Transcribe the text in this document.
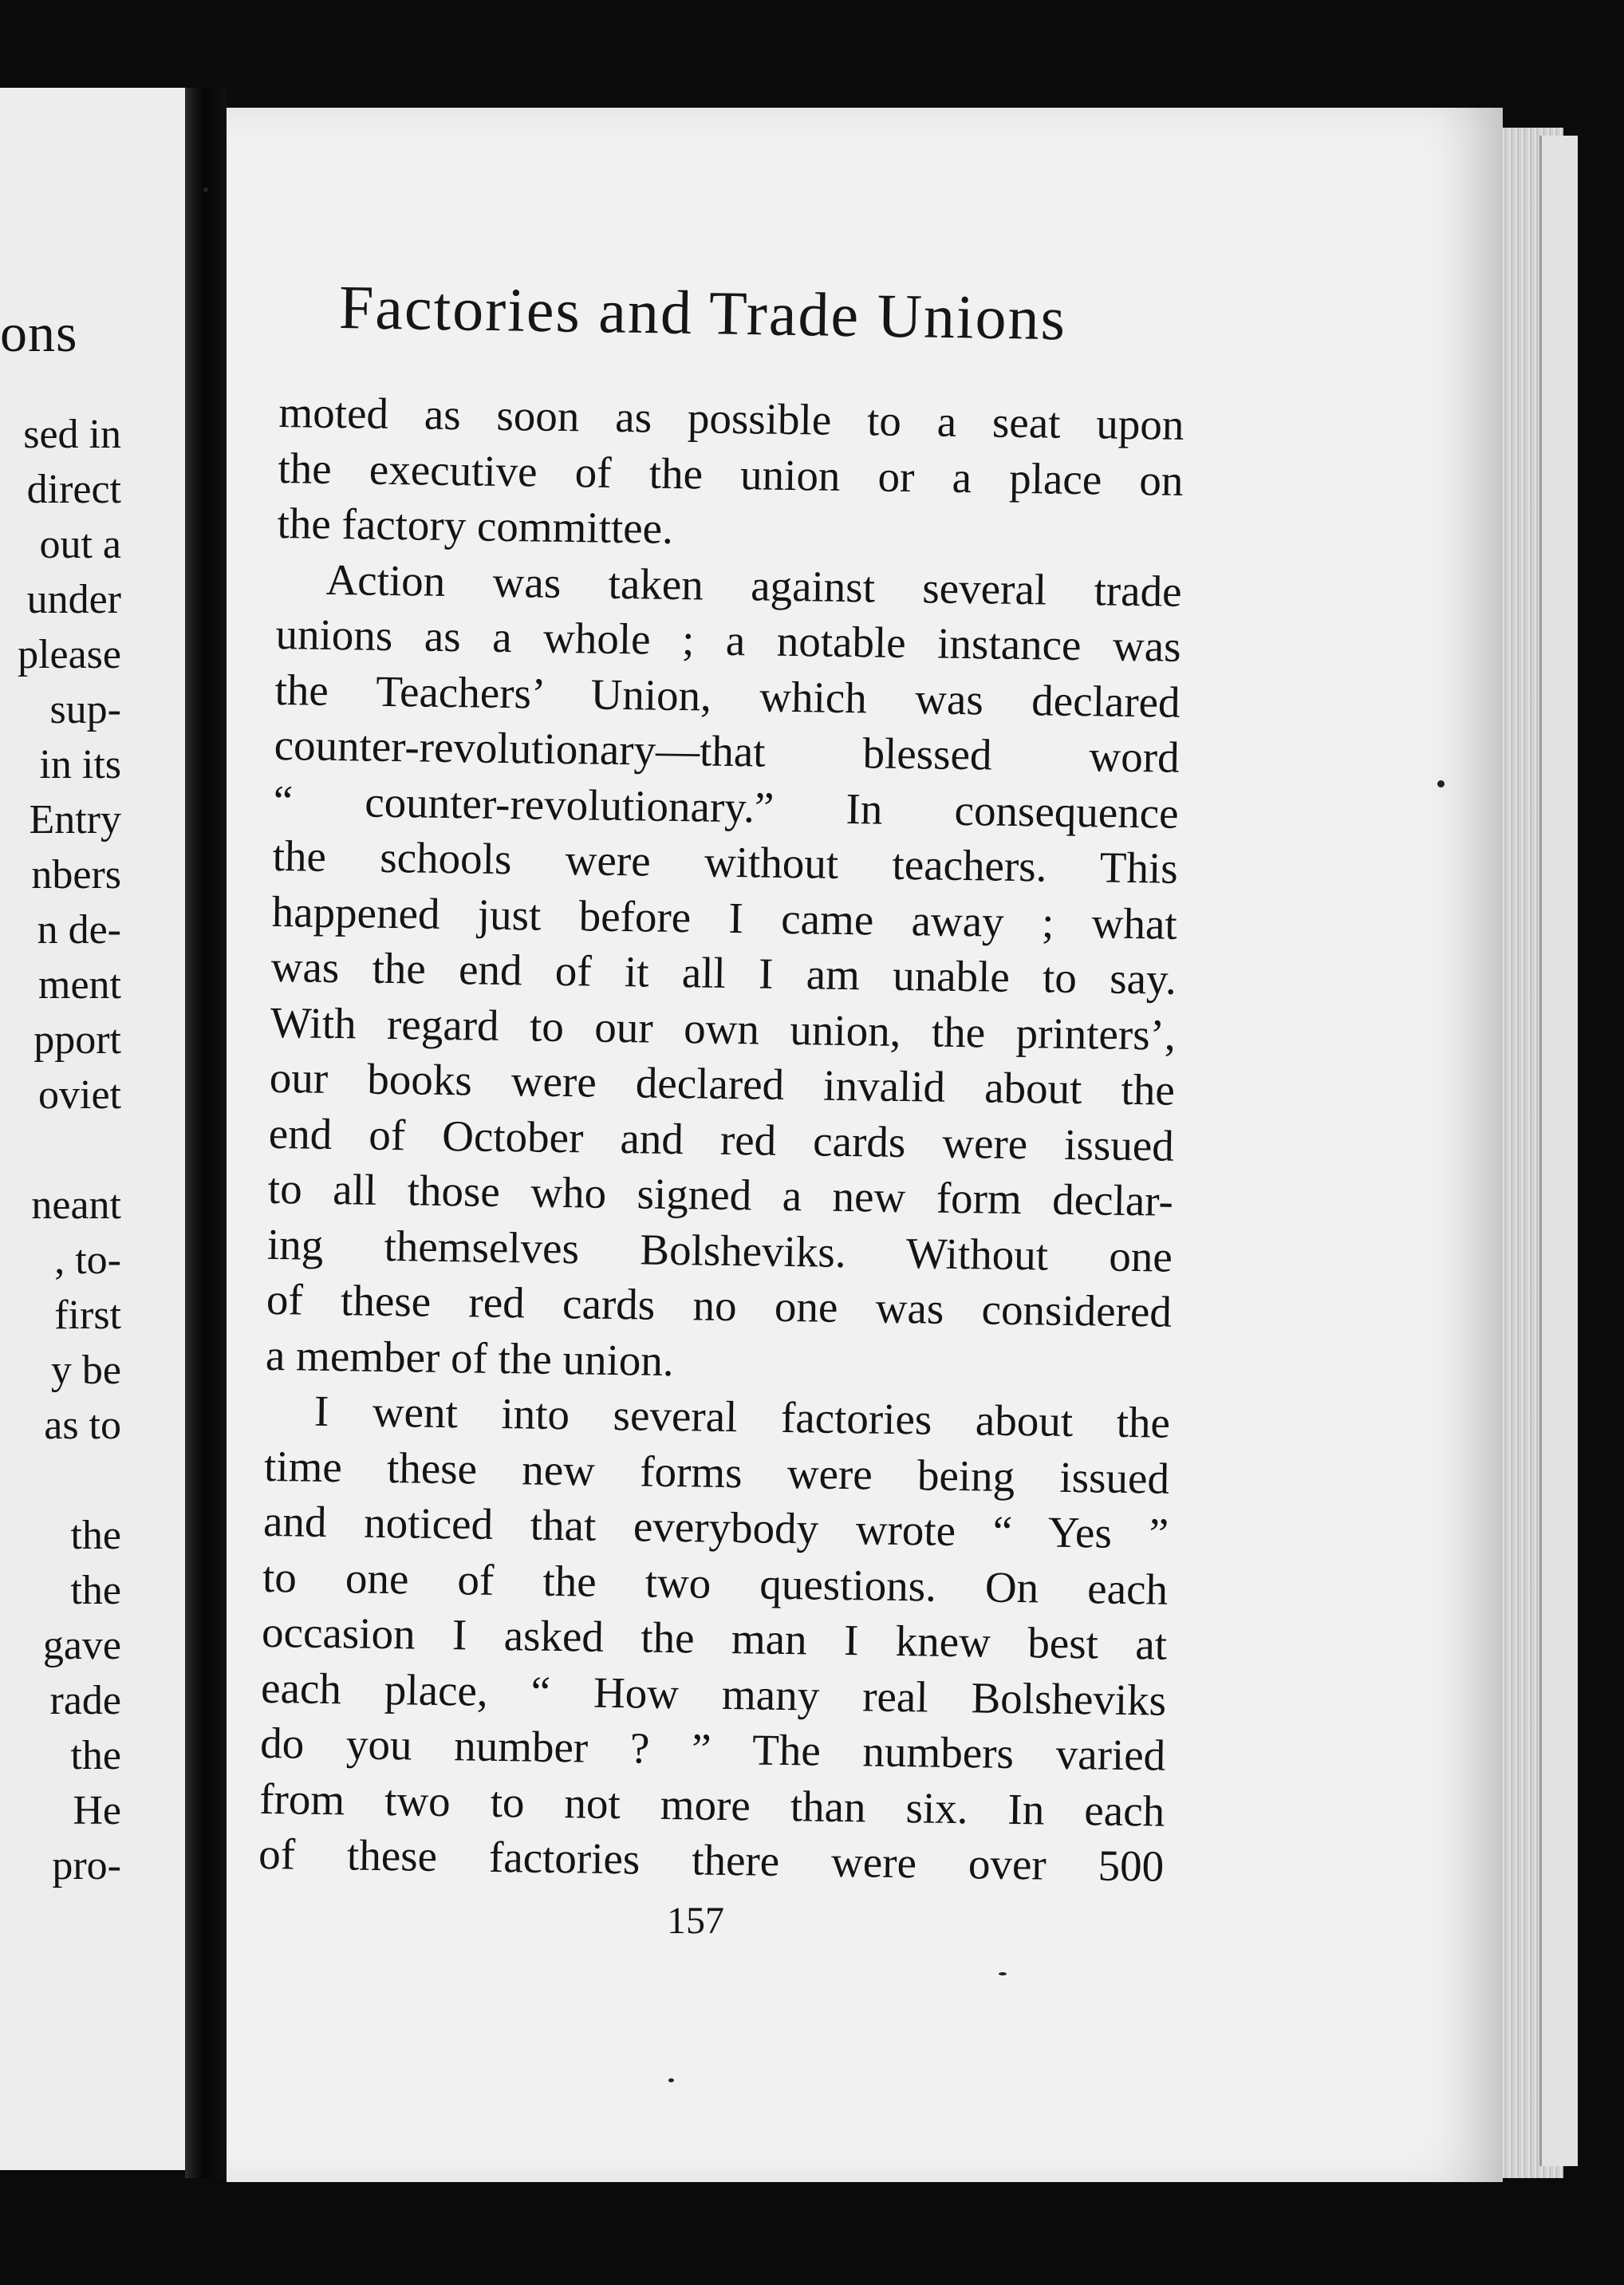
ons
sed in
direct
out a
under
please
sup-
in its
Entry
nbers
n de-
ment
pport
oviet
neant
, to-
first
y be
as to
the
the
gave
rade
the
He
pro-
Factories and Trade Unions
moted as soon as possible to a seat upon
the executive of the union or a place on
the factory committee.
Action was taken against several trade
unions as a whole ; a notable instance was
the Teachers’ Union, which was declared
counter-revolutionary—that blessed word
“ counter-revolutionary.” In consequence
the schools were without teachers. This
happened just before I came away ; what
was the end of it all I am unable to say.
With regard to our own union, the printers’,
our books were declared invalid about the
end of October and red cards were issued
to all those who signed a new form declar-
ing themselves Bolsheviks. Without one
of these red cards no one was considered
a member of the union.
I went into several factories about the
time these new forms were being issued
and noticed that everybody wrote “ Yes ”
to one of the two questions. On each
occasion I asked the man I knew best at
each place, “ How many real Bolsheviks
do you number ? ” The numbers varied
from two to not more than six. In each
of these factories there were over 500
157
